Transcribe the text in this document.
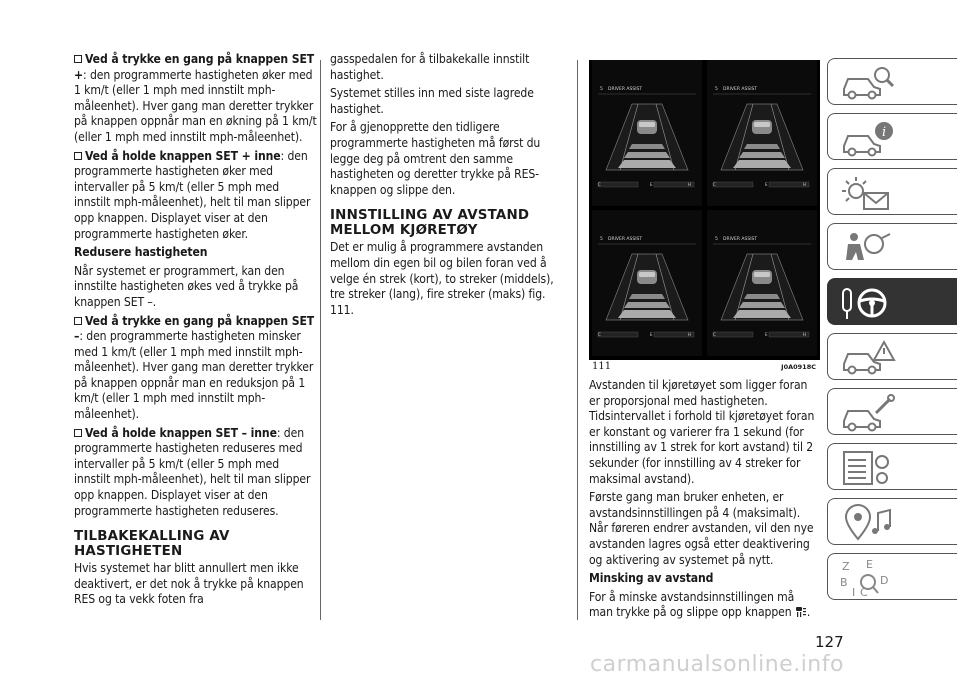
Ved å trykke en gang på knappen SET +: den programmerte hastigheten øker med 1 km/t (eller 1 mph med innstilt mph-måleenhet). Hver gang man deretter trykker på knappen oppnår man en økning på 1 km/t (eller 1 mph med innstilt mph-måleenhet).

Ved å holde knappen SET + inne: den programmerte hastigheten øker med intervaller på 5 km/t (eller 5 mph med innstilt mph-måleenhet), helt til man slipper opp knappen. Displayet viser at den programmerte hastigheten øker.

Redusere hastigheten

Når systemet er programmert, kan den innstilte hastigheten økes ved å trykke på knappen SET –.

Ved å trykke en gang på knappen SET –: den programmerte hastigheten minsker med 1 km/t (eller 1 mph med innstilt mph-måleenhet). Hver gang man deretter trykker på knappen oppnår man en reduksjon på 1 km/t (eller 1 mph med innstilt mph-måleenhet).

Ved å holde knappen SET – inne: den programmerte hastigheten reduseres med intervaller på 5 km/t (eller 5 mph med innstilt mph-måleenhet), helt til man slipper opp knappen. Displayet viser at den programmerte hastigheten reduseres.

TILBAKEKALLING AV HASTIGHETEN

Hvis systemet har blitt annullert men ikke deaktivert, er det nok å trykke på knappen RES og ta vekk foten fra

gasspedalen for å tilbakekalle innstilt hastighet.

Systemet stilles inn med siste lagrede hastighet.

For å gjenopprette den tidligere programmerte hastigheten må først du legge deg på omtrent den samme hastigheten og deretter trykke på RES-knappen og slippe den.

INNSTILLING AV AVSTAND MELLOM KJØRETØY

Det er mulig å programmere avstanden mellom din egen bil og bilen foran ved å velge én strek (kort), to streker (middels), tre streker (lang), fire streker (maks) fig. 111.

111	J0A0918C

Avstanden til kjøretøyet som ligger foran er proporsjonal med hastigheten. Tidsintervallet i forhold til kjøretøyet foran er konstant og varierer fra 1 sekund (for innstilling av 1 strek for kort avstand) til 2 sekunder (for innstilling av 4 streker for maksimal avstand).

Første gang man bruker enheten, er avstandsinnstillingen på 4 (maksimalt). Når føreren endrer avstanden, vil den nye avstanden lagres også etter deaktivering og aktivering av systemet på nytt.

Minsking av avstand

For å minske avstandsinnstillingen må man trykke på og slippe opp knappen .

127
i
Z E
B	D
I C
carmanualsonline.info
